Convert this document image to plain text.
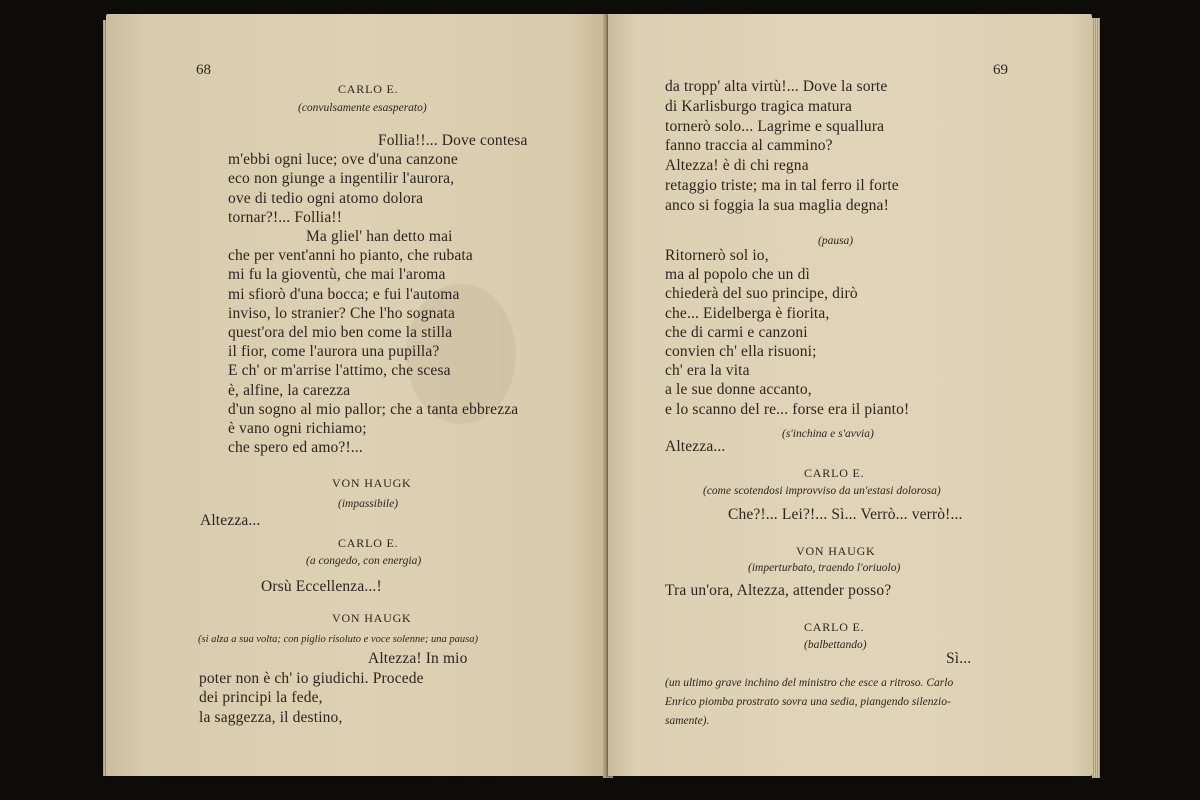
68
CARLO E.
(convulsamente esasperato)
Follia!!... Dove contesa
m'ebbi ogni luce; ove d'una canzone
eco non giunge a ingentilir l'aurora,
ove di tedio ogni atomo dolora
tornar?!... Follia!!
Ma gliel' han detto mai
che per vent'anni ho pianto, che rubata
mi fu la gioventù, che mai l'aroma
mi sfiorò d'una bocca; e fui l'automa
inviso, lo stranier? Che l'ho sognata
quest'ora del mio ben come la stilla
il fior, come l'aurora una pupilla?
E ch' or m'arrise l'attimo, che scesa
è, alfine, la carezza
d'un sogno al mio pallor; che a tanta ebbrezza
è vano ogni richiamo;
che spero ed amo?!...
VON HAUGK
(impassibile)
Altezza...
CARLO E.
(a congedo, con energia)
Orsù Eccellenza...!
VON HAUGK
(si alza a sua volta; con piglio risoluto e voce solenne; una pausa)
Altezza! In mio
poter non è ch' io giudichi. Procede
dei principi la fede,
la saggezza, il destino,
69
da tropp' alta virtù!... Dove la sorte
di Karlisburgo tragica matura
tornerò solo... Lagrime e squallura
fanno traccia al cammino?
Altezza! è di chi regna
retaggio triste; ma in tal ferro il forte
anco si foggia la sua maglia degna!
(pausa)
Ritornerò sol io,
ma al popolo che un dì
chiederà del suo principe, dirò
che... Eidelberga è fiorita,
che di carmi e canzoni
convien ch' ella risuoni;
ch' era la vita
a le sue donne accanto,
e lo scanno del re... forse era il pianto!
(s'inchina e s'avvia)
Altezza...
CARLO E.
(come scotendosi improvviso da un'estasi dolorosa)
Che?!... Lei?!... Sì... Verrò... verrò!...
VON HAUGK
(imperturbato, traendo l'oriuolo)
Tra un'ora, Altezza, attender posso?
CARLO E.
(balbettando)
Sì...
(un ultimo grave inchino del ministro che esce a ritroso. Carlo Enrico piomba prostrato sovra una sedia, piangendo silenzio-samente).
